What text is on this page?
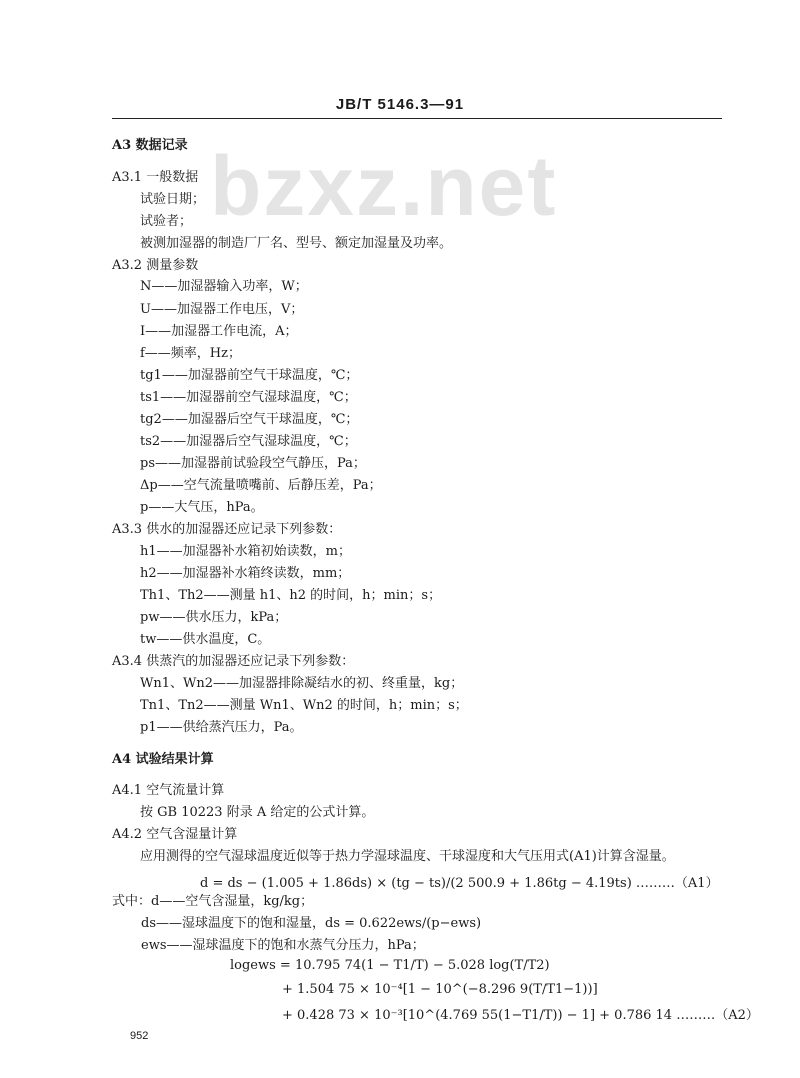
JB/T 5146.3—91
bzxz.net
A3 数据记录
A3.1 一般数据
试验日期；
试验者；
被测加湿器的制造厂厂名、型号、额定加湿量及功率。
A3.2 测量参数
N——加湿器输入功率，W；
U——加湿器工作电压，V；
I——加湿器工作电流，A；
f——频率，Hz；
tg1——加湿器前空气干球温度，℃；
ts1——加湿器前空气湿球温度，℃；
tg2——加湿器后空气干球温度，℃；
ts2——加湿器后空气湿球温度，℃；
ps——加湿器前试验段空气静压，Pa；
Δp——空气流量喷嘴前、后静压差，Pa；
p——大气压，hPa。
A3.3 供水的加湿器还应记录下列参数：
h1——加湿器补水箱初始读数，m；
h2——加湿器补水箱终读数，mm；
Th1、Th2——测量 h1、h2 的时间，h；min；s；
pw——供水压力，kPa；
tw——供水温度，C。
A3.4 供蒸汽的加湿器还应记录下列参数：
Wn1、Wn2——加湿器排除凝结水的初、终重量，kg；
Tn1、Tn2——测量 Wn1、Wn2 的时间，h；min；s；
p1——供给蒸汽压力，Pa。
A4 试验结果计算
A4.1 空气流量计算
按 GB 10223 附录 A 给定的公式计算。
A4.2 空气含湿量计算
应用测得的空气湿球温度近似等于热力学湿球温度、干球湿度和大气压用式(A1)计算含湿量。
d = ds − (1.005 + 1.86ds) × (tg − ts)/(2 500.9 + 1.86tg − 4.19ts) ………（A1）
式中：d——空气含湿量，kg/kg；
ds——湿球温度下的饱和湿量，ds = 0.622ews/(p−ews)
ews——湿球温度下的饱和水蒸气分压力，hPa；
logews = 10.795 74(1 − T1/T) − 5.028 log(T/T2)
+ 1.504 75 × 10⁻⁴[1 − 10^(−8.296 9(T/T1−1))]
+ 0.428 73 × 10⁻³[10^(4.769 55(1−T1/T)) − 1] + 0.786 14 ………（A2）
952
